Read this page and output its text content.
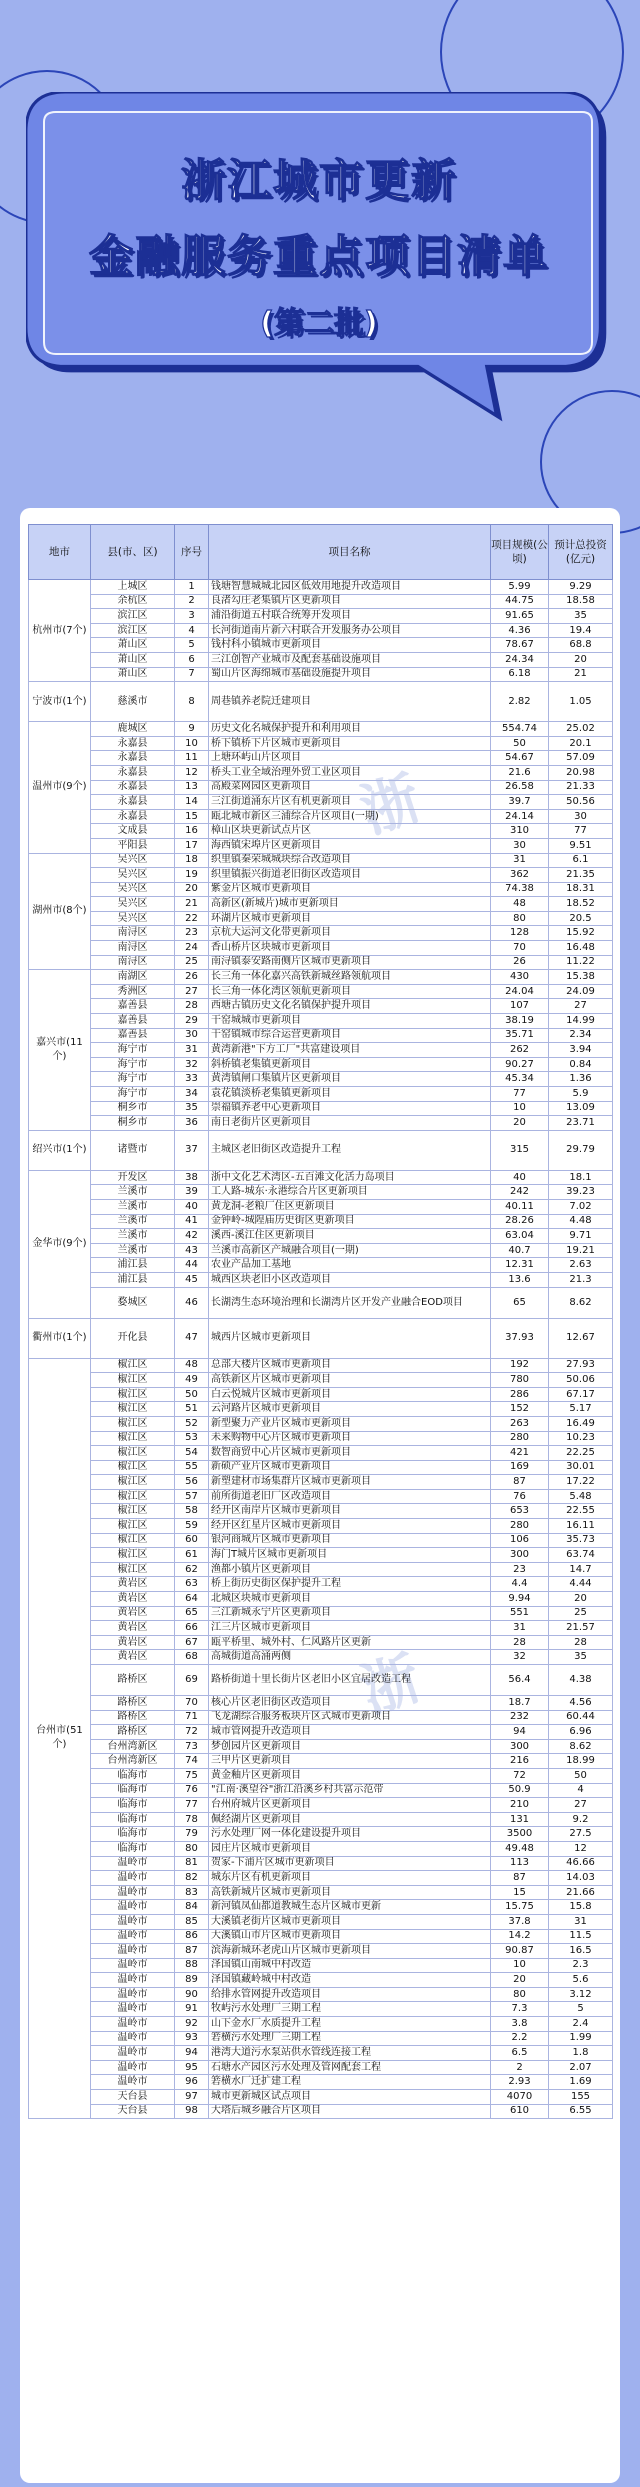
浙江城市更新
金融服务重点项目清单
(第二批)
浙
浙
地市	县(市、区)	序号	项目名称	项目规模(公顷)	预计总投资(亿元)
杭州市(7个)	上城区	1	钱塘智慧城城北园区低效用地提升改造项目	5.99	9.29
	余杭区	2	良渚勾庄老集镇片区更新项目	44.75	18.58
	滨江区	3	浦沿街道五村联合统筹开发项目	91.65	35
	滨江区	4	长河街道南片新六村联合开发服务办公项目	4.36	19.4
	萧山区	5	钱村科小镇城市更新项目	78.67	68.8
	萧山区	6	三江创智产业城市及配套基础设施项目	24.34	20
	萧山区	7	蜀山片区海绵城市基础设施提升项目	6.18	21
宁波市(1个)	慈溪市	8	周巷镇养老院迁建项目	2.82	1.05
温州市(9个)	鹿城区	9	历史文化名城保护提升和利用项目	554.74	25.02
	永嘉县	10	桥下镇桥下片区城市更新项目	50	20.1
	永嘉县	11	上塘环屿山片区项目	54.67	57.09
	永嘉县	12	桥头工业全域治理外贸工业区项目	21.6	20.98
	永嘉县	13	高殿菜网园区更新项目	26.58	21.33
	永嘉县	14	三江街道涌东片区有机更新项目	39.7	50.56
	永嘉县	15	瓯北城市新区三浦综合片区项目(一期)	24.14	30
	文成县	16	樟山区块更新试点片区	310	77
	平阳县	17	海西镇宋埠片区更新项目	30	9.51
湖州市(8个)	吴兴区	18	织里镇秦荣城城块综合改造项目	31	6.1
	吴兴区	19	织里镇振兴街道老旧街区改造项目	362	21.35
	吴兴区	20	紫金片区城市更新项目	74.38	18.31
	吴兴区	21	高新区(新城片)城市更新项目	48	18.52
	吴兴区	22	环湖片区城市更新项目	80	20.5
	南浔区	23	京杭大运河文化带更新项目	128	15.92
	南浔区	24	香山桥片区块城市更新项目	70	16.48
	南浔区	25	南浔镇泰安路南侧片区城市更新项目	26	11.22
嘉兴市(11个)	南湖区	26	长三角一体化嘉兴高铁新城丝路领航项目	430	15.38
	秀洲区	27	长三角一体化湾区领航更新项目	24.04	24.09
	嘉善县	28	西塘古镇历史文化名镇保护提升项目	107	27
	嘉善县	29	干窑城城市更新项目	38.19	14.99
	嘉善县	30	干窑镇城市综合运营更新项目	35.71	2.34
	海宁市	31	黄湾新港"下方工厂"共富建设项目	262	3.94
	海宁市	32	斜桥镇老集镇更新项目	90.27	0.84
	海宁市	33	黄湾镇闸口集镇片区更新项目	45.34	1.36
	海宁市	34	袁花镇淡桥老集镇更新项目	77	5.9
	桐乡市	35	崇福镇养老中心更新项目	10	13.09
	桐乡市	36	南日老街片区更新项目	20	23.71
绍兴市(1个)	诸暨市	37	主城区老旧街区改造提升工程	315	29.79
金华市(9个)	开发区	38	浙中文化艺术湾区-五百滩文化活力岛项目	40	18.1
	兰溪市	39	工人路-城东·永港综合片区更新项目	242	39.23
	兰溪市	40	黄龙洞-老粮厂住区更新项目	40.11	7.02
	兰溪市	41	金钟岭-城隍庙历史街区更新项目	28.26	4.48
	兰溪市	42	溪西-溪江住区更新项目	63.04	9.71
	兰溪市	43	兰溪市高新区产城融合项目(一期)	40.7	19.21
	浦江县	44	农业产品加工基地	12.31	2.63
	浦江县	45	城西区块老旧小区改造项目	13.6	21.3
	婺城区	46	长湖湾生态环境治理和长湖湾片区开发产业融合EOD项目	65	8.62
衢州市(1个)	开化县	47	城西片区城市更新项目	37.93	12.67
台州市(51个)	椒江区	48	总部大楼片区城市更新项目	192	27.93
	椒江区	49	高铁新区片区城市更新项目	780	50.06
	椒江区	50	白云悦城片区城市更新项目	286	67.17
	椒江区	51	云河路片区城市更新项目	152	5.17
	椒江区	52	新型聚力产业片区城市更新项目	263	16.49
	椒江区	53	未来购物中心片区城市更新项目	280	10.23
	椒江区	54	数智商贸中心片区城市更新项目	421	22.25
	椒江区	55	新硕产业片区城市更新项目	169	30.01
	椒江区	56	新塑建材市场集群片区城市更新项目	87	17.22
	椒江区	57	前所街道老旧厂区改造项目	76	5.48
	椒江区	58	经开区南岸片区城市更新项目	653	22.55
	椒江区	59	经开区红星片区城市更新项目	280	16.11
	椒江区	60	银河商城片区城市更新项目	106	35.73
	椒江区	61	海门T城片区城市更新项目	300	63.74
	椒江区	62	渔都小镇片区更新项目	23	14.7
	黄岩区	63	桥上街历史街区保护提升工程	4.4	4.44
	黄岩区	64	北城区块城市更新项目	9.94	20
	黄岩区	65	三江新城永宁片区更新项目	551	25
	黄岩区	66	江三片区城市更新项目	31	21.57
	黄岩区	67	瓯平桥里、城外村、仁风路片区更新	28	28
	黄岩区	68	高城街道高涌两侧	32	35
	路桥区	69	路桥街道十里长街片区老旧小区宜居改造工程	56.4	4.38
	路桥区	70	核心片区老旧街区改造项目	18.7	4.56
	路桥区	71	飞龙湖综合服务板块片区式城市更新项目	232	60.44
	路桥区	72	城市管网提升改造项目	94	6.96
	台州湾新区	73	梦创园片区更新项目	300	8.62
	台州湾新区	74	三甲片区更新项目	216	18.99
	临海市	75	黄金釉片区更新项目	72	50
	临海市	76	"江南·溪望谷"浙江沿溪乡村共富示范带	50.9	4
	临海市	77	台州府城片区更新项目	210	27
	临海市	78	佩经湖片区更新项目	131	9.2
	临海市	79	污水处理厂网一体化建设提升项目	3500	27.5
	临海市	80	园庄片区城市更新项目	49.48	12
	温岭市	81	贺家-下浦片区城市更新项目	113	46.66
	温岭市	82	城东片区有机更新项目	87	14.03
	温岭市	83	高铁新城片区城市更新项目	15	21.66
	温岭市	84	新河镇凤仙都道教城生态片区城市更新	15.75	15.8
	温岭市	85	大溪镇老街片区城市更新项目	37.8	31
	温岭市	86	大溪镇山市片区城市更新项目	14.2	11.5
	温岭市	87	滨海新城环老虎山片区城市更新项目	90.87	16.5
	温岭市	88	泽国镇山南城中村改造	10	2.3
	温岭市	89	泽国镇藏岭城中村改造	20	5.6
	温岭市	90	给排水管网提升改造项目	80	3.12
	温岭市	91	牧屿污水处理厂三期工程	7.3	5
	温岭市	92	山下金水厂水质提升工程	3.8	2.4
	温岭市	93	箬横污水处理厂三期工程	2.2	1.99
	温岭市	94	港湾大道污水泵站供水管线连接工程	6.5	1.8
	温岭市	95	石塘水产园区污水处理及管网配套工程	2	2.07
	温岭市	96	箬横水厂迁扩建工程	2.93	1.69
	天台县	97	城市更新城区试点项目	4070	155
	天台县	98	大塔后城乡融合片区项目	610	6.55
